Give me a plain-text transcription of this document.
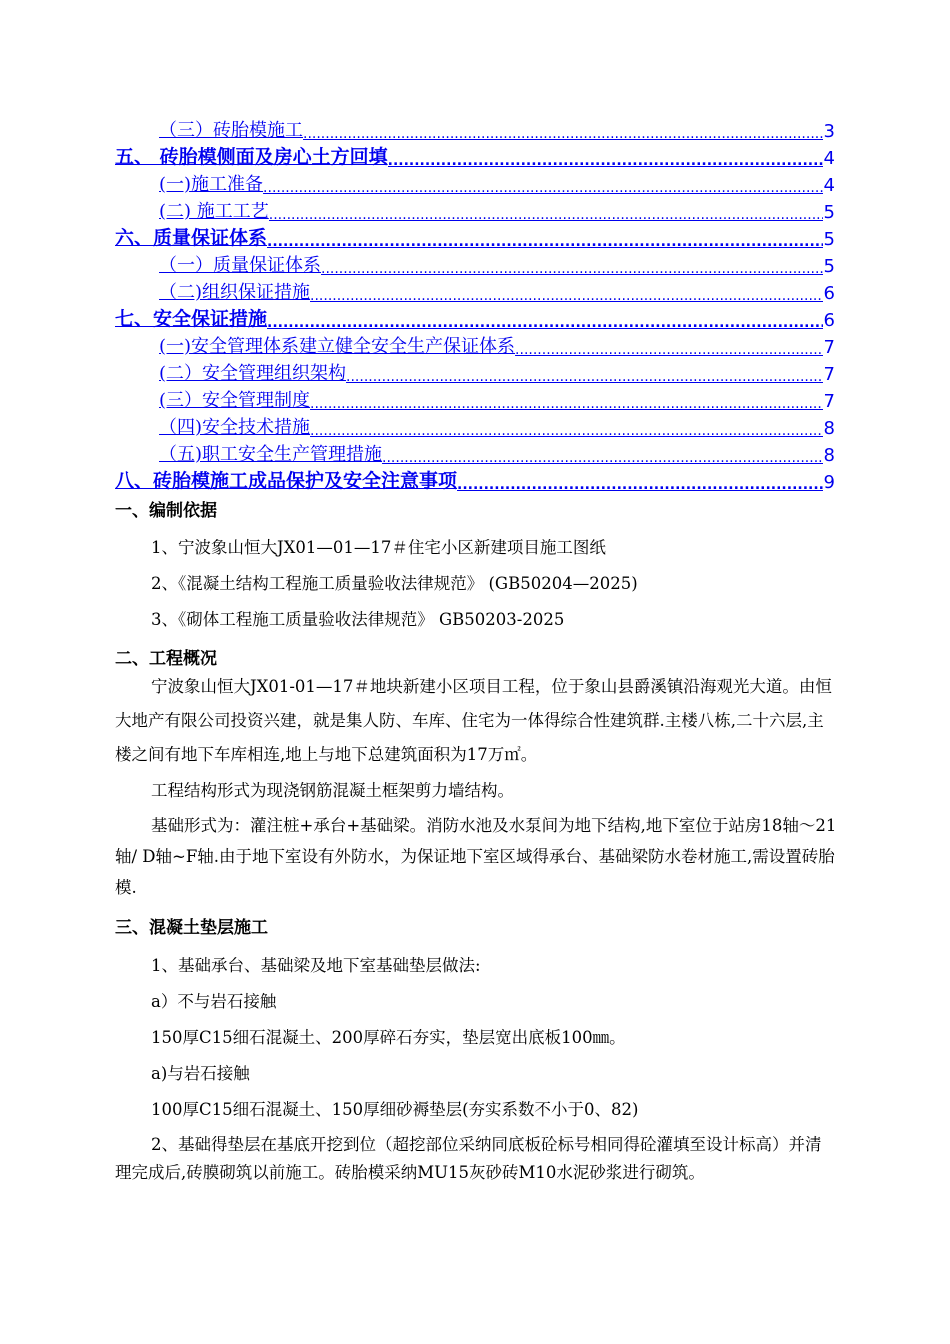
（三）砖胎模施工 .....	3
五、 砖胎模侧面及房心土方回填 .....	4
(一)施工准备 .....	4
(二) 施工工艺 .....	5
六、质量保证体系 .....	5
（一）质量保证体系 .....	5
（二)组织保证措施 .....	6
七、安全保证措施 .....	6
(一)安全管理体系建立健全安全生产保证体系 .....	7
(二）安全管理组织架构 .....	7
(三）安全管理制度 .....	7
（四)安全技术措施 .....	8
（五)职工安全生产管理措施 .....	8
八、砖胎模施工成品保护及安全注意事项 .....	9
一、编制依据

1、宁波象山恒大JX01—01—17＃住宅小区新建项目施工图纸

2、《混凝土结构工程施工质量验收法律规范》 (GB50204—2025)

3、《砌体工程施工质量验收法律规范》 GB50203-2025

二、工程概况

宁波象山恒大JX01-01—17＃地块新建小区项目工程，位于象山县爵溪镇沿海观光大道。由恒大地产有限公司投资兴建，就是集人防、车库、住宅为一体得综合性建筑群.主楼八栋,二十六层,主楼之间有地下车库相连,地上与地下总建筑面积为17万㎡。

工程结构形式为现浇钢筋混凝土框架剪力墙结构。

基础形式为：灌注桩+承台+基础梁。消防水池及水泵间为地下结构,地下室位于站房18轴～21轴/ D轴~F轴.由于地下室设有外防水，为保证地下室区域得承台、基础梁防水卷材施工,需设置砖胎模.

三、混凝土垫层施工

1、基础承台、基础梁及地下室基础垫层做法:

a）不与岩石接触

150厚C15细石混凝土、200厚碎石夯实，垫层宽出底板100㎜。

a)与岩石接触

100厚C15细石混凝土、150厚细砂褥垫层(夯实系数不小于0、82)

2、基础得垫层在基底开挖到位（超挖部位采纳同底板砼标号相同得砼灌填至设计标高）并清理完成后,砖膜砌筑以前施工。砖胎模采纳MU15灰砂砖M10水泥砂浆进行砌筑。
